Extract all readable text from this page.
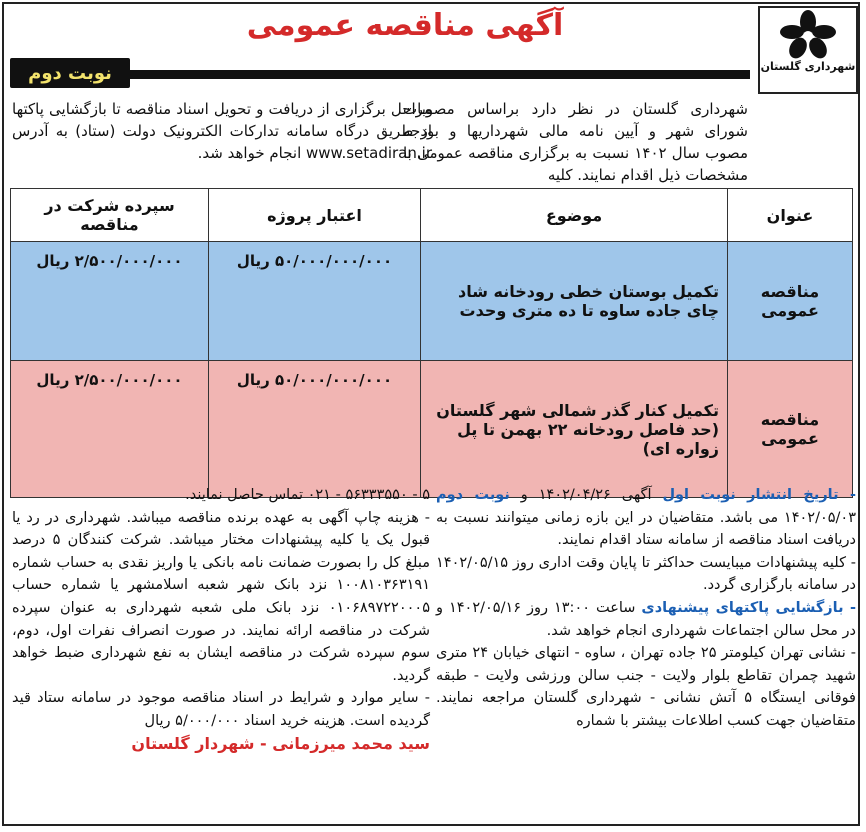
آگهی مناقصه عمومی
شهرداری گلستان
نوبت دوم
شهرداری گلستان در نظر دارد براساس مصوبات شورای شهر و آیین نامه مالی شهرداریها و بودجه مصوب سال ۱۴۰۲ نسبت به برگزاری مناقصه عمومی با مشخصات ذیل اقدام نمایند. کلیه
مراحل برگزاری از دریافت و تحویل اسناد مناقصه تا بازگشایی پاکتها از طریق درگاه سامانه تدارکات الکترونیک دولت (ستاد) به آدرس www.setadiran.ir انجام خواهد شد.
عنوان	موضوع	اعتبار پروژه	سپرده شرکت در مناقصه
مناقصه عمومی	تکمیل بوستان خطی رودخانه شاد چای جاده ساوه تا ده متری وحدت	۵۰/۰۰۰/۰۰۰/۰۰۰ ریال	۲/۵۰۰/۰۰۰/۰۰۰ ریال
مناقصه عمومی	تکمیل کنار گذر شمالی شهر گلستان (حد فاصل رودخانه ۲۲ بهمن تا پل زواره ای)	۵۰/۰۰۰/۰۰۰/۰۰۰ ریال	۲/۵۰۰/۰۰۰/۰۰۰ ریال
- تاریخ انتشار نوبت اول آگهی ۱۴۰۲/۰۴/۲۶ و نوبت دوم ۱۴۰۲/۰۵/۰۳ می باشد. متقاضیان در این بازه زمانی میتوانند نسبت به دریافت اسناد مناقصه از سامانه ستاد اقدام نمایند.
- کلیه پیشنهادات میبایست حداکثر تا پایان وقت اداری روز ۱۴۰۲/۰۵/۱۵ در سامانه بارگزاری گردد.
- بازگشایی پاکتهای پیشنهادی ساعت ۱۳:۰۰ روز ۱۴۰۲/۰۵/۱۶ و در محل سالن اجتماعات شهرداری انجام خواهد شد.
- نشانی تهران کیلومتر ۲۵ جاده تهران ، ساوه - انتهای خیابان ۲۴ متری شهید چمران تقاطع بلوار ولایت - جنب سالن ورزشی ولایت - طبقه فوقانی ایستگاه ۵ آتش نشانی - شهرداری گلستان مراجعه نمایند. متقاضیان جهت کسب اطلاعات بیشتر با شماره
۵ - ۵۶۳۳۳۵۵۰ - ۰۲۱ تماس حاصل نمایند.
- هزینه چاپ آگهی به عهده برنده مناقصه میباشد. شهرداری در رد یا قبول یک یا کلیه پیشنهادات مختار میباشد. شرکت کنندگان ۵ درصد مبلغ کل را بصورت ضمانت نامه بانکی یا واریز نقدی به حساب شماره ۱۰۰۸۱۰۳۶۳۱۹۱ نزد بانک شهر شعبه اسلامشهر یا شماره حساب ۰۱۰۶۸۹۷۲۲۰۰۰۵ نزد بانک ملی شعبه شهرداری به عنوان سپرده شرکت در مناقصه ارائه نمایند. در صورت انصراف نفرات اول، دوم، سوم سپرده شرکت در مناقصه ایشان به نفع شهرداری ضبط خواهد گردید.
- سایر موارد و شرایط در اسناد مناقصه موجود در سامانه ستاد قید گردیده است. هزینه خرید اسناد ۵/۰۰۰/۰۰۰ ریال
سید محمد میرزمانی - شهردار گلستان
